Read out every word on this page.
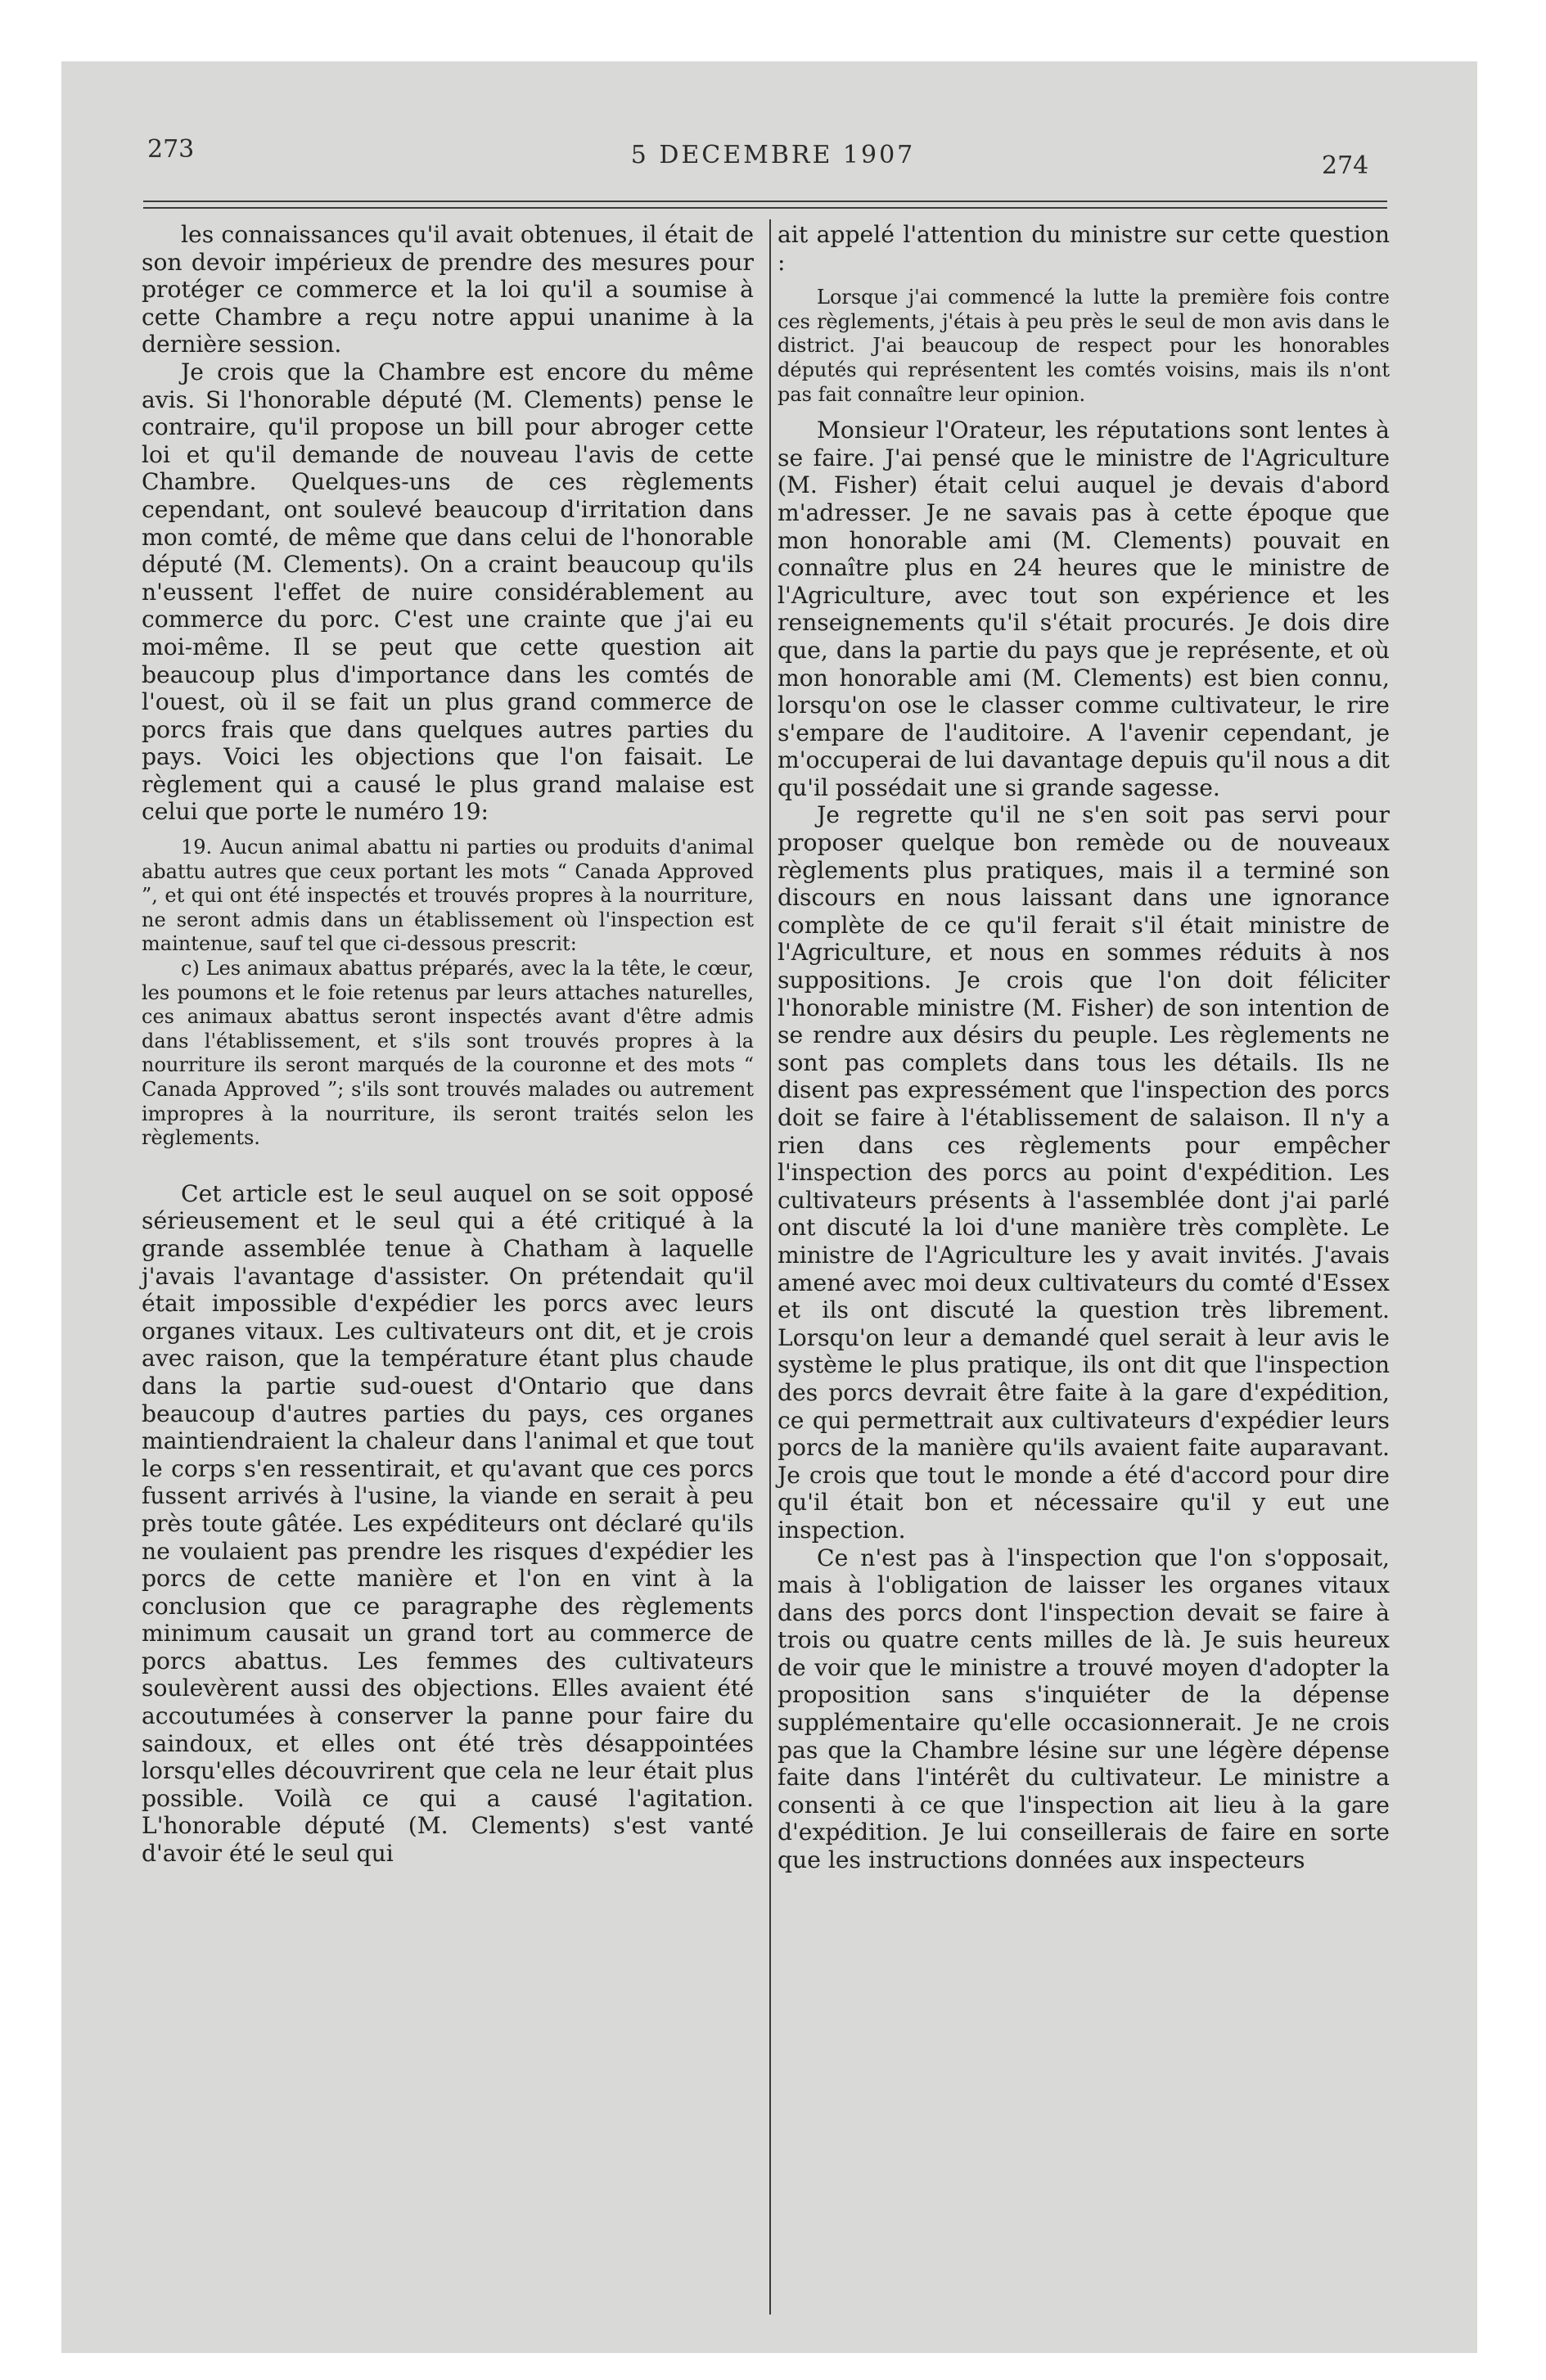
273	5 DECEMBRE 1907	274

les connaissances qu'il avait obtenues, il était de son devoir impérieux de prendre des mesures pour protéger ce commerce et la loi qu'il a soumise à cette Chambre a reçu notre appui unanime à la dernière session.

Je crois que la Chambre est encore du même avis. Si l'honorable député (M. Clements) pense le contraire, qu'il propose un bill pour abroger cette loi et qu'il demande de nouveau l'avis de cette Chambre. Quelques-uns de ces règlements cependant, ont soulevé beaucoup d'irritation dans mon comté, de même que dans celui de l'honorable député (M. Clements). On a craint beaucoup qu'ils n'eussent l'effet de nuire considérablement au commerce du porc. C'est une crainte que j'ai eu moi-même. Il se peut que cette question ait beaucoup plus d'importance dans les comtés de l'ouest, où il se fait un plus grand commerce de porcs frais que dans quelques autres parties du pays. Voici les objections que l'on faisait. Le règlement qui a causé le plus grand malaise est celui que porte le numéro 19:

19. Aucun animal abattu ni parties ou produits d'animal abattu autres que ceux portant les mots “ Canada Approved ”, et qui ont été inspectés et trouvés propres à la nourriture, ne seront admis dans un établissement où l'inspection est maintenue, sauf tel que ci-dessous prescrit:

c) Les animaux abattus préparés, avec la la tête, le cœur, les poumons et le foie retenus par leurs attaches naturelles, ces animaux abattus seront inspectés avant d'être admis dans l'établissement, et s'ils sont trouvés propres à la nourriture ils seront marqués de la couronne et des mots “ Canada Approved ”; s'ils sont trouvés malades ou autrement impropres à la nourriture, ils seront traités selon les règlements.

Cet article est le seul auquel on se soit opposé sérieusement et le seul qui a été critiqué à la grande assemblée tenue à Chatham à laquelle j'avais l'avantage d'assister. On prétendait qu'il était impossible d'expédier les porcs avec leurs organes vitaux. Les cultivateurs ont dit, et je crois avec raison, que la température étant plus chaude dans la partie sud-ouest d'Ontario que dans beaucoup d'autres parties du pays, ces organes maintiendraient la chaleur dans l'animal et que tout le corps s'en ressentirait, et qu'avant que ces porcs fussent arrivés à l'usine, la viande en serait à peu près toute gâtée. Les expéditeurs ont déclaré qu'ils ne voulaient pas prendre les risques d'expédier les porcs de cette manière et l'on en vint à la conclusion que ce paragraphe des règlements minimum causait un grand tort au commerce de porcs abattus. Les femmes des cultivateurs soulevèrent aussi des objections. Elles avaient été accoutumées à conserver la panne pour faire du saindoux, et elles ont été très désappointées lorsqu'elles découvrirent que cela ne leur était plus possible. Voilà ce qui a causé l'agitation. L'honorable député (M. Clements) s'est vanté d'avoir été le seul qui

ait appelé l'attention du ministre sur cette question :

Lorsque j'ai commencé la lutte la première fois contre ces règlements, j'étais à peu près le seul de mon avis dans le district. J'ai beaucoup de respect pour les honorables députés qui représentent les comtés voisins, mais ils n'ont pas fait connaître leur opinion.

Monsieur l'Orateur, les réputations sont lentes à se faire. J'ai pensé que le ministre de l'Agriculture (M. Fisher) était celui auquel je devais d'abord m'adresser. Je ne savais pas à cette époque que mon honorable ami (M. Clements) pouvait en connaître plus en 24 heures que le ministre de l'Agriculture, avec tout son expérience et les renseignements qu'il s'était procurés. Je dois dire que, dans la partie du pays que je représente, et où mon honorable ami (M. Clements) est bien connu, lorsqu'on ose le classer comme cultivateur, le rire s'empare de l'auditoire. A l'avenir cependant, je m'occuperai de lui davantage depuis qu'il nous a dit qu'il possédait une si grande sagesse.

Je regrette qu'il ne s'en soit pas servi pour proposer quelque bon remède ou de nouveaux règlements plus pratiques, mais il a terminé son discours en nous laissant dans une ignorance complète de ce qu'il ferait s'il était ministre de l'Agriculture, et nous en sommes réduits à nos suppositions. Je crois que l'on doit féliciter l'honorable ministre (M. Fisher) de son intention de se rendre aux désirs du peuple. Les règlements ne sont pas complets dans tous les détails. Ils ne disent pas expressément que l'inspection des porcs doit se faire à l'établissement de salaison. Il n'y a rien dans ces règlements pour empêcher l'inspection des porcs au point d'expédition. Les cultivateurs présents à l'assemblée dont j'ai parlé ont discuté la loi d'une manière très complète. Le ministre de l'Agriculture les y avait invités. J'avais amené avec moi deux cultivateurs du comté d'Essex et ils ont discuté la question très librement. Lorsqu'on leur a demandé quel serait à leur avis le système le plus pratique, ils ont dit que l'inspection des porcs devrait être faite à la gare d'expédition, ce qui permettrait aux cultivateurs d'expédier leurs porcs de la manière qu'ils avaient faite auparavant. Je crois que tout le monde a été d'accord pour dire qu'il était bon et nécessaire qu'il y eut une inspection.

Ce n'est pas à l'inspection que l'on s'opposait, mais à l'obligation de laisser les organes vitaux dans des porcs dont l'inspection devait se faire à trois ou quatre cents milles de là. Je suis heureux de voir que le ministre a trouvé moyen d'adopter la proposition sans s'inquiéter de la dépense supplémentaire qu'elle occasionnerait. Je ne crois pas que la Chambre lésine sur une légère dépense faite dans l'intérêt du cultivateur. Le ministre a consenti à ce que l'inspection ait lieu à la gare d'expédition. Je lui conseillerais de faire en sorte que les instructions données aux inspecteurs
